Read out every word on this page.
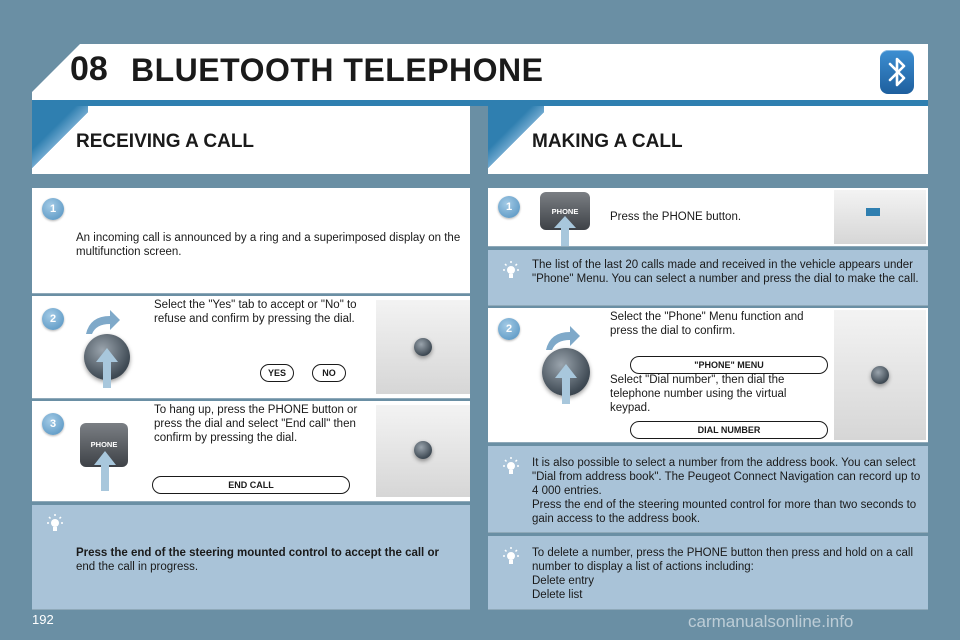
08 BLUETOOTH TELEPHONE
RECEIVING A CALL	MAKING A CALL
1
An incoming call is announced by a ring and a superimposed display on the multifunction screen.
2
Select the "Yes" tab to accept or "No" to refuse and confirm by pressing the dial.
YES	NO
3
PHONE
To hang up, press the PHONE button or press the dial and select "End call" then confirm by pressing the dial.
END CALL
Press the end of the steering mounted control to accept the call or
end the call in progress.
1	PHONE	Press the PHONE button.
The list of the last 20 calls made and received in the vehicle appears under "Phone" Menu. You can select a number and press the dial to make the call.
2
Select the "Phone" Menu function and press the dial to confirm.
"PHONE" MENU
Select "Dial number", then dial the telephone number using the virtual keypad.
DIAL NUMBER
It is also possible to select a number from the address book. You can select "Dial from address book". The Peugeot Connect Navigation can record up to 4 000 entries.
Press the end of the steering mounted control for more than two seconds to gain access to the address book.
To delete a number, press the PHONE button then press and hold on a call number to display a list of actions including:
Delete entry
Delete list
192	carmanualsonline.info
